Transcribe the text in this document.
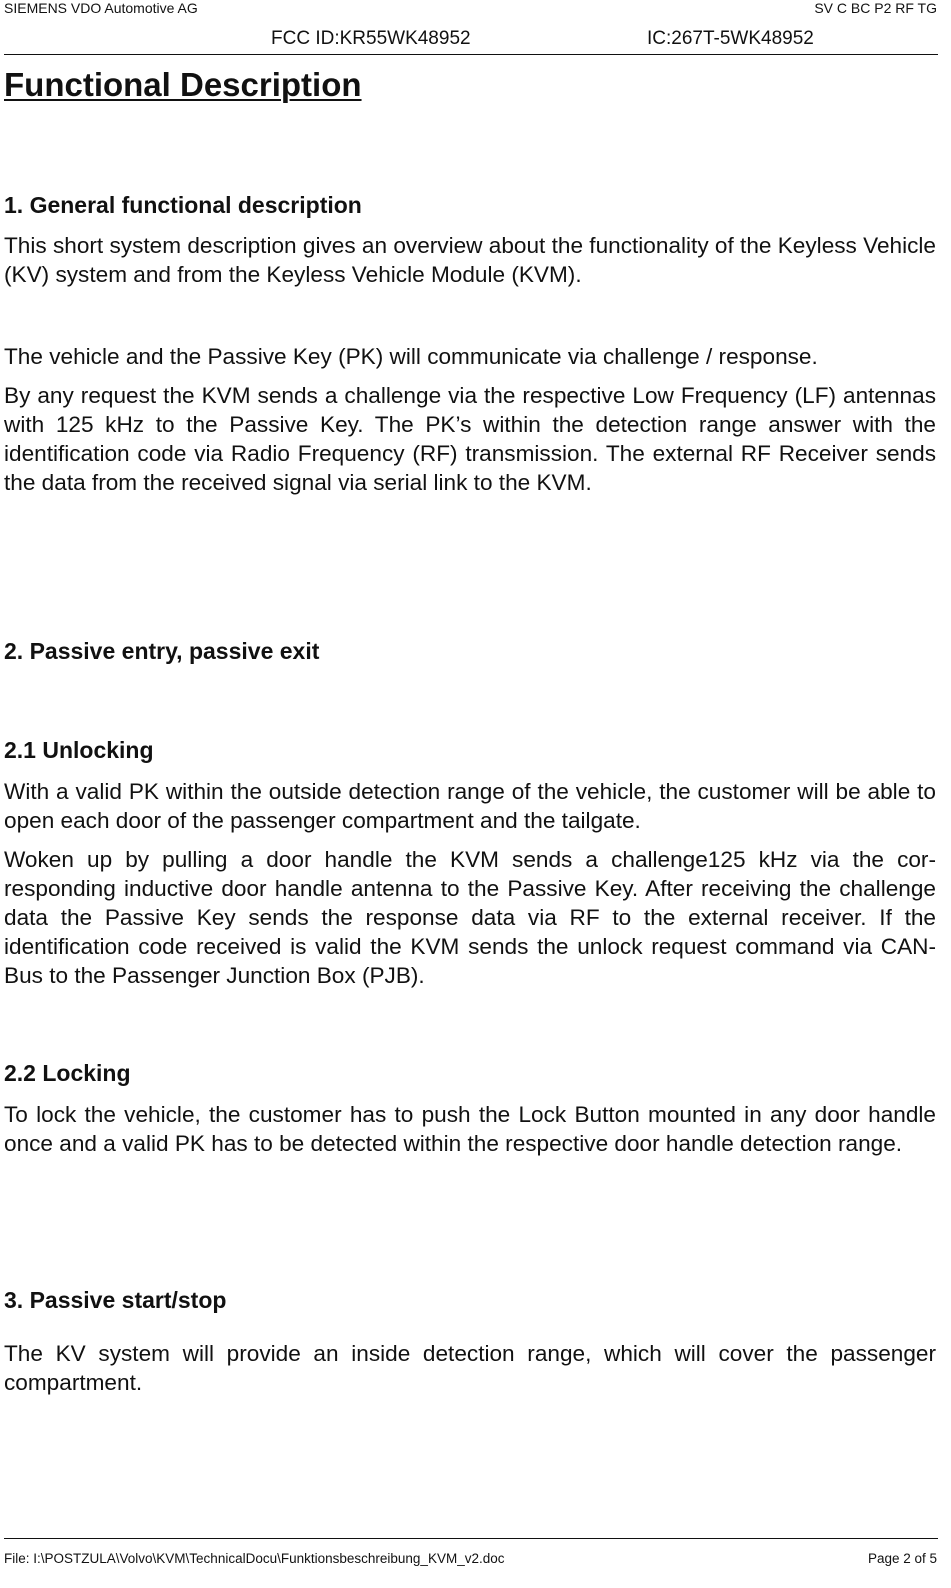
SIEMENS VDO Automotive AG	SV C BC P2 RF TG
FCC ID:KR55WK48952	IC:267T-5WK48952
Functional Description
1. General functional description
This short system description gives an overview about the functionality of the Keyless Vehicle (KV) system and from the Keyless Vehicle Module (KVM).
The vehicle and the Passive Key (PK) will communicate via challenge / response.
By any request the KVM sends a challenge via the respective Low Frequency (LF) antennas with 125 kHz to the Passive Key. The PK’s within the detection range answer with the identification code via Radio Frequency (RF) transmission. The external RF Receiver sends the data from the received signal via serial link to the KVM.
2. Passive entry, passive exit
2.1 Unlocking
With a valid PK within the outside detection range of the vehicle, the customer will be able to open each door of the passenger compartment and the tailgate.
Woken up by pulling a door handle the KVM sends a challenge125 kHz via the corresponding inductive door handle antenna to the Passive Key. After receiving the challenge data the Passive Key sends the response data via RF to the external receiver. If the identification code received is valid the KVM sends the unlock request command via CAN-Bus to the Passenger Junction Box (PJB).
2.2 Locking
To lock the vehicle, the customer has to push the Lock Button mounted in any door handle once and a valid PK has to be detected within the respective door handle detection range.
3. Passive start/stop
The KV system will provide an inside detection range, which will cover the passenger compartment.
File: I:\POSTZULA\Volvo\KVM\TechnicalDocu\Funktionsbeschreibung_KVM_v2.doc	Page 2 of 5
